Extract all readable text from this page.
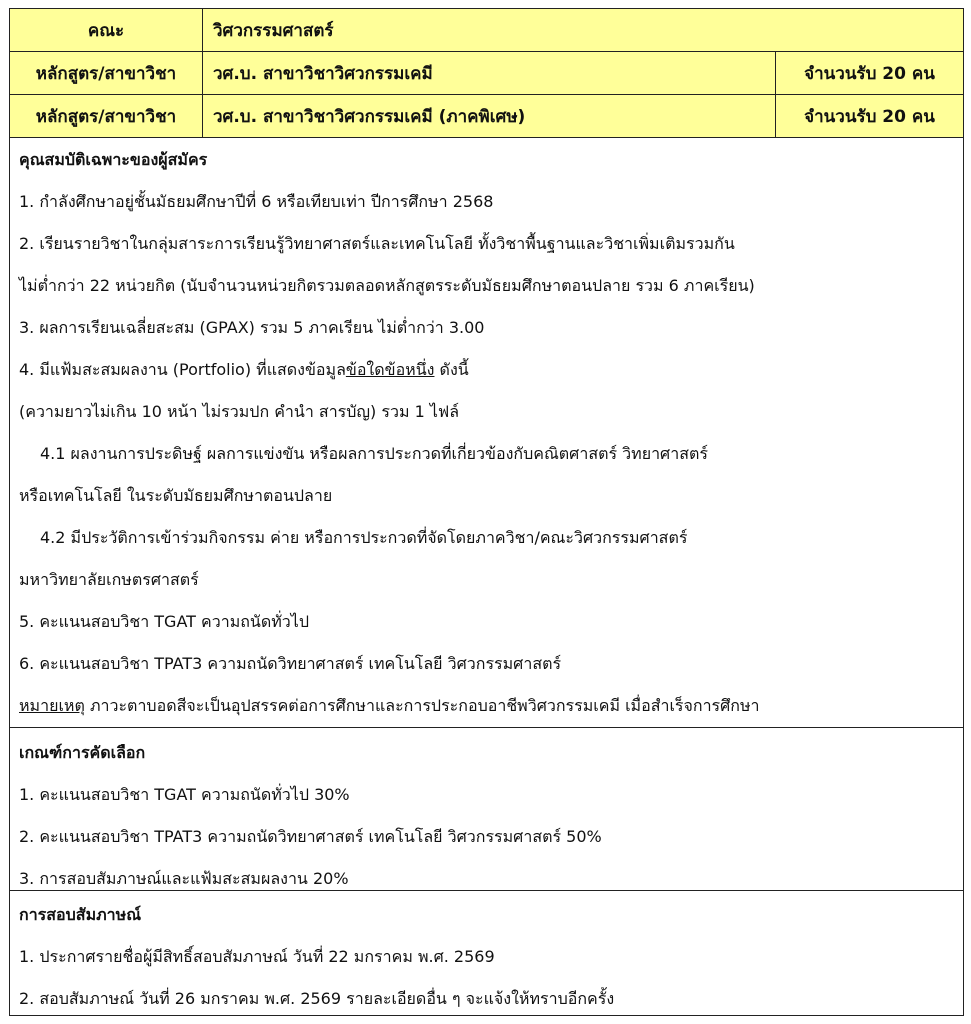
คณะ	วิศวกรรมศาสตร์
หลักสูตร/สาขาวิชา	วศ.บ. สาขาวิชาวิศวกรรมเคมี	จำนวนรับ 20 คน
หลักสูตร/สาขาวิชา	วศ.บ. สาขาวิชาวิศวกรรมเคมี (ภาคพิเศษ)	จำนวนรับ 20 คน
คุณสมบัติเฉพาะของผู้สมัคร
1. กำลังศึกษาอยู่ชั้นมัธยมศึกษาปีที่ 6 หรือเทียบเท่า ปีการศึกษา 2568
2. เรียนรายวิชาในกลุ่มสาระการเรียนรู้วิทยาศาสตร์และเทคโนโลยี ทั้งวิชาพื้นฐานและวิชาเพิ่มเติมรวมกัน
ไม่ต่ำกว่า 22 หน่วยกิต (นับจำนวนหน่วยกิตรวมตลอดหลักสูตรระดับมัธยมศึกษาตอนปลาย รวม 6 ภาคเรียน)
3. ผลการเรียนเฉลี่ยสะสม (GPAX) รวม 5 ภาคเรียน ไม่ต่ำกว่า 3.00
4. มีแฟ้มสะสมผลงาน (Portfolio) ที่แสดงข้อมูลข้อใดข้อหนึ่ง ดังนี้
(ความยาวไม่เกิน 10 หน้า ไม่รวมปก คำนำ สารบัญ) รวม 1 ไฟล์
4.1 ผลงานการประดิษฐ์ ผลการแข่งขัน หรือผลการประกวดที่เกี่ยวข้องกับคณิตศาสตร์ วิทยาศาสตร์
หรือเทคโนโลยี ในระดับมัธยมศึกษาตอนปลาย
4.2 มีประวัติการเข้าร่วมกิจกรรม ค่าย หรือการประกวดที่จัดโดยภาควิชา/คณะวิศวกรรมศาสตร์
มหาวิทยาลัยเกษตรศาสตร์
5. คะแนนสอบวิชา TGAT ความถนัดทั่วไป
6. คะแนนสอบวิชา TPAT3 ความถนัดวิทยาศาสตร์ เทคโนโลยี วิศวกรรมศาสตร์
หมายเหตุ ภาวะตาบอดสีจะเป็นอุปสรรคต่อการศึกษาและการประกอบอาชีพวิศวกรรมเคมี เมื่อสำเร็จการศึกษา
เกณฑ์การคัดเลือก
1. คะแนนสอบวิชา TGAT ความถนัดทั่วไป 30%
2. คะแนนสอบวิชา TPAT3 ความถนัดวิทยาศาสตร์ เทคโนโลยี วิศวกรรมศาสตร์ 50%
3. การสอบสัมภาษณ์และแฟ้มสะสมผลงาน 20%
การสอบสัมภาษณ์
1. ประกาศรายชื่อผู้มีสิทธิ์สอบสัมภาษณ์ วันที่ 22 มกราคม พ.ศ. 2569
2. สอบสัมภาษณ์ วันที่ 26 มกราคม พ.ศ. 2569 รายละเอียดอื่น ๆ จะแจ้งให้ทราบอีกครั้ง
